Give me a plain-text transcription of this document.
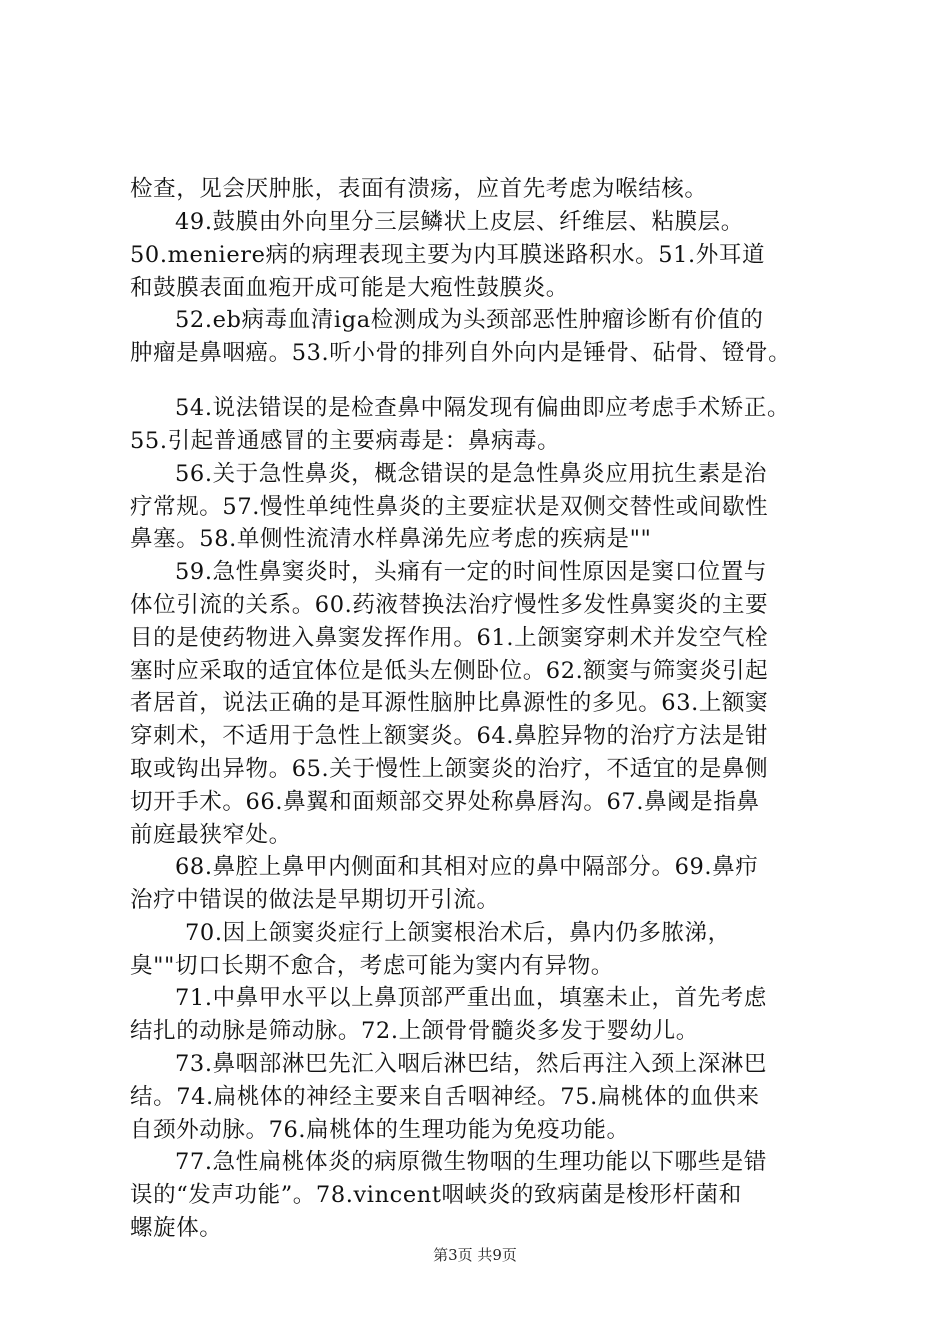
检查，见会厌肿胀，表面有溃疡，应首先考虑为喉结核。
49.鼓膜由外向里分三层鳞状上皮层、纤维层、粘膜层。
50.meniere病的病理表现主要为内耳膜迷路积水。51.外耳道
和鼓膜表面血疱开成可能是大疱性鼓膜炎。
52.eb病毒血清iga检测成为头颈部恶性肿瘤诊断有价值的
肿瘤是鼻咽癌。53.听小骨的排列自外向内是锤骨、砧骨、镫骨。
54.说法错误的是检查鼻中隔发现有偏曲即应考虑手术矫正。
55.引起普通感冒的主要病毒是：鼻病毒。
56.关于急性鼻炎，概念错误的是急性鼻炎应用抗生素是治
疗常规。57.慢性单纯性鼻炎的主要症状是双侧交替性或间歇性
鼻塞。58.单侧性流清水样鼻涕先应考虑的疾病是""
59.急性鼻窦炎时，头痛有一定的时间性原因是窦口位置与
体位引流的关系。60.药液替换法治疗慢性多发性鼻窦炎的主要
目的是使药物进入鼻窦发挥作用。61.上颌窦穿刺术并发空气栓
塞时应采取的适宜体位是低头左侧卧位。62.额窦与筛窦炎引起
者居首，说法正确的是耳源性脑肿比鼻源性的多见。63.上额窦
穿刺术，不适用于急性上额窦炎。64.鼻腔异物的治疗方法是钳
取或钩出异物。65.关于慢性上颌窦炎的治疗，不适宜的是鼻侧
切开手术。66.鼻翼和面颊部交界处称鼻唇沟。67.鼻阈是指鼻
前庭最狭窄处。
68.鼻腔上鼻甲内侧面和其相对应的鼻中隔部分。69.鼻疖
治疗中错误的做法是早期切开引流。
70.因上颌窦炎症行上颌窦根治术后，鼻内仍多脓涕，
臭""切口长期不愈合，考虑可能为窦内有异物。
71.中鼻甲水平以上鼻顶部严重出血，填塞未止，首先考虑
结扎的动脉是筛动脉。72.上颌骨骨髓炎多发于婴幼儿。
73.鼻咽部淋巴先汇入咽后淋巴结，然后再注入颈上深淋巴
结。74.扁桃体的神经主要来自舌咽神经。75.扁桃体的血供来
自颈外动脉。76.扁桃体的生理功能为免疫功能。
77.急性扁桃体炎的病原微生物咽的生理功能以下哪些是错
误的“发声功能”。78.vincent咽峡炎的致病菌是梭形杆菌和
螺旋体。
第3页 共9页
